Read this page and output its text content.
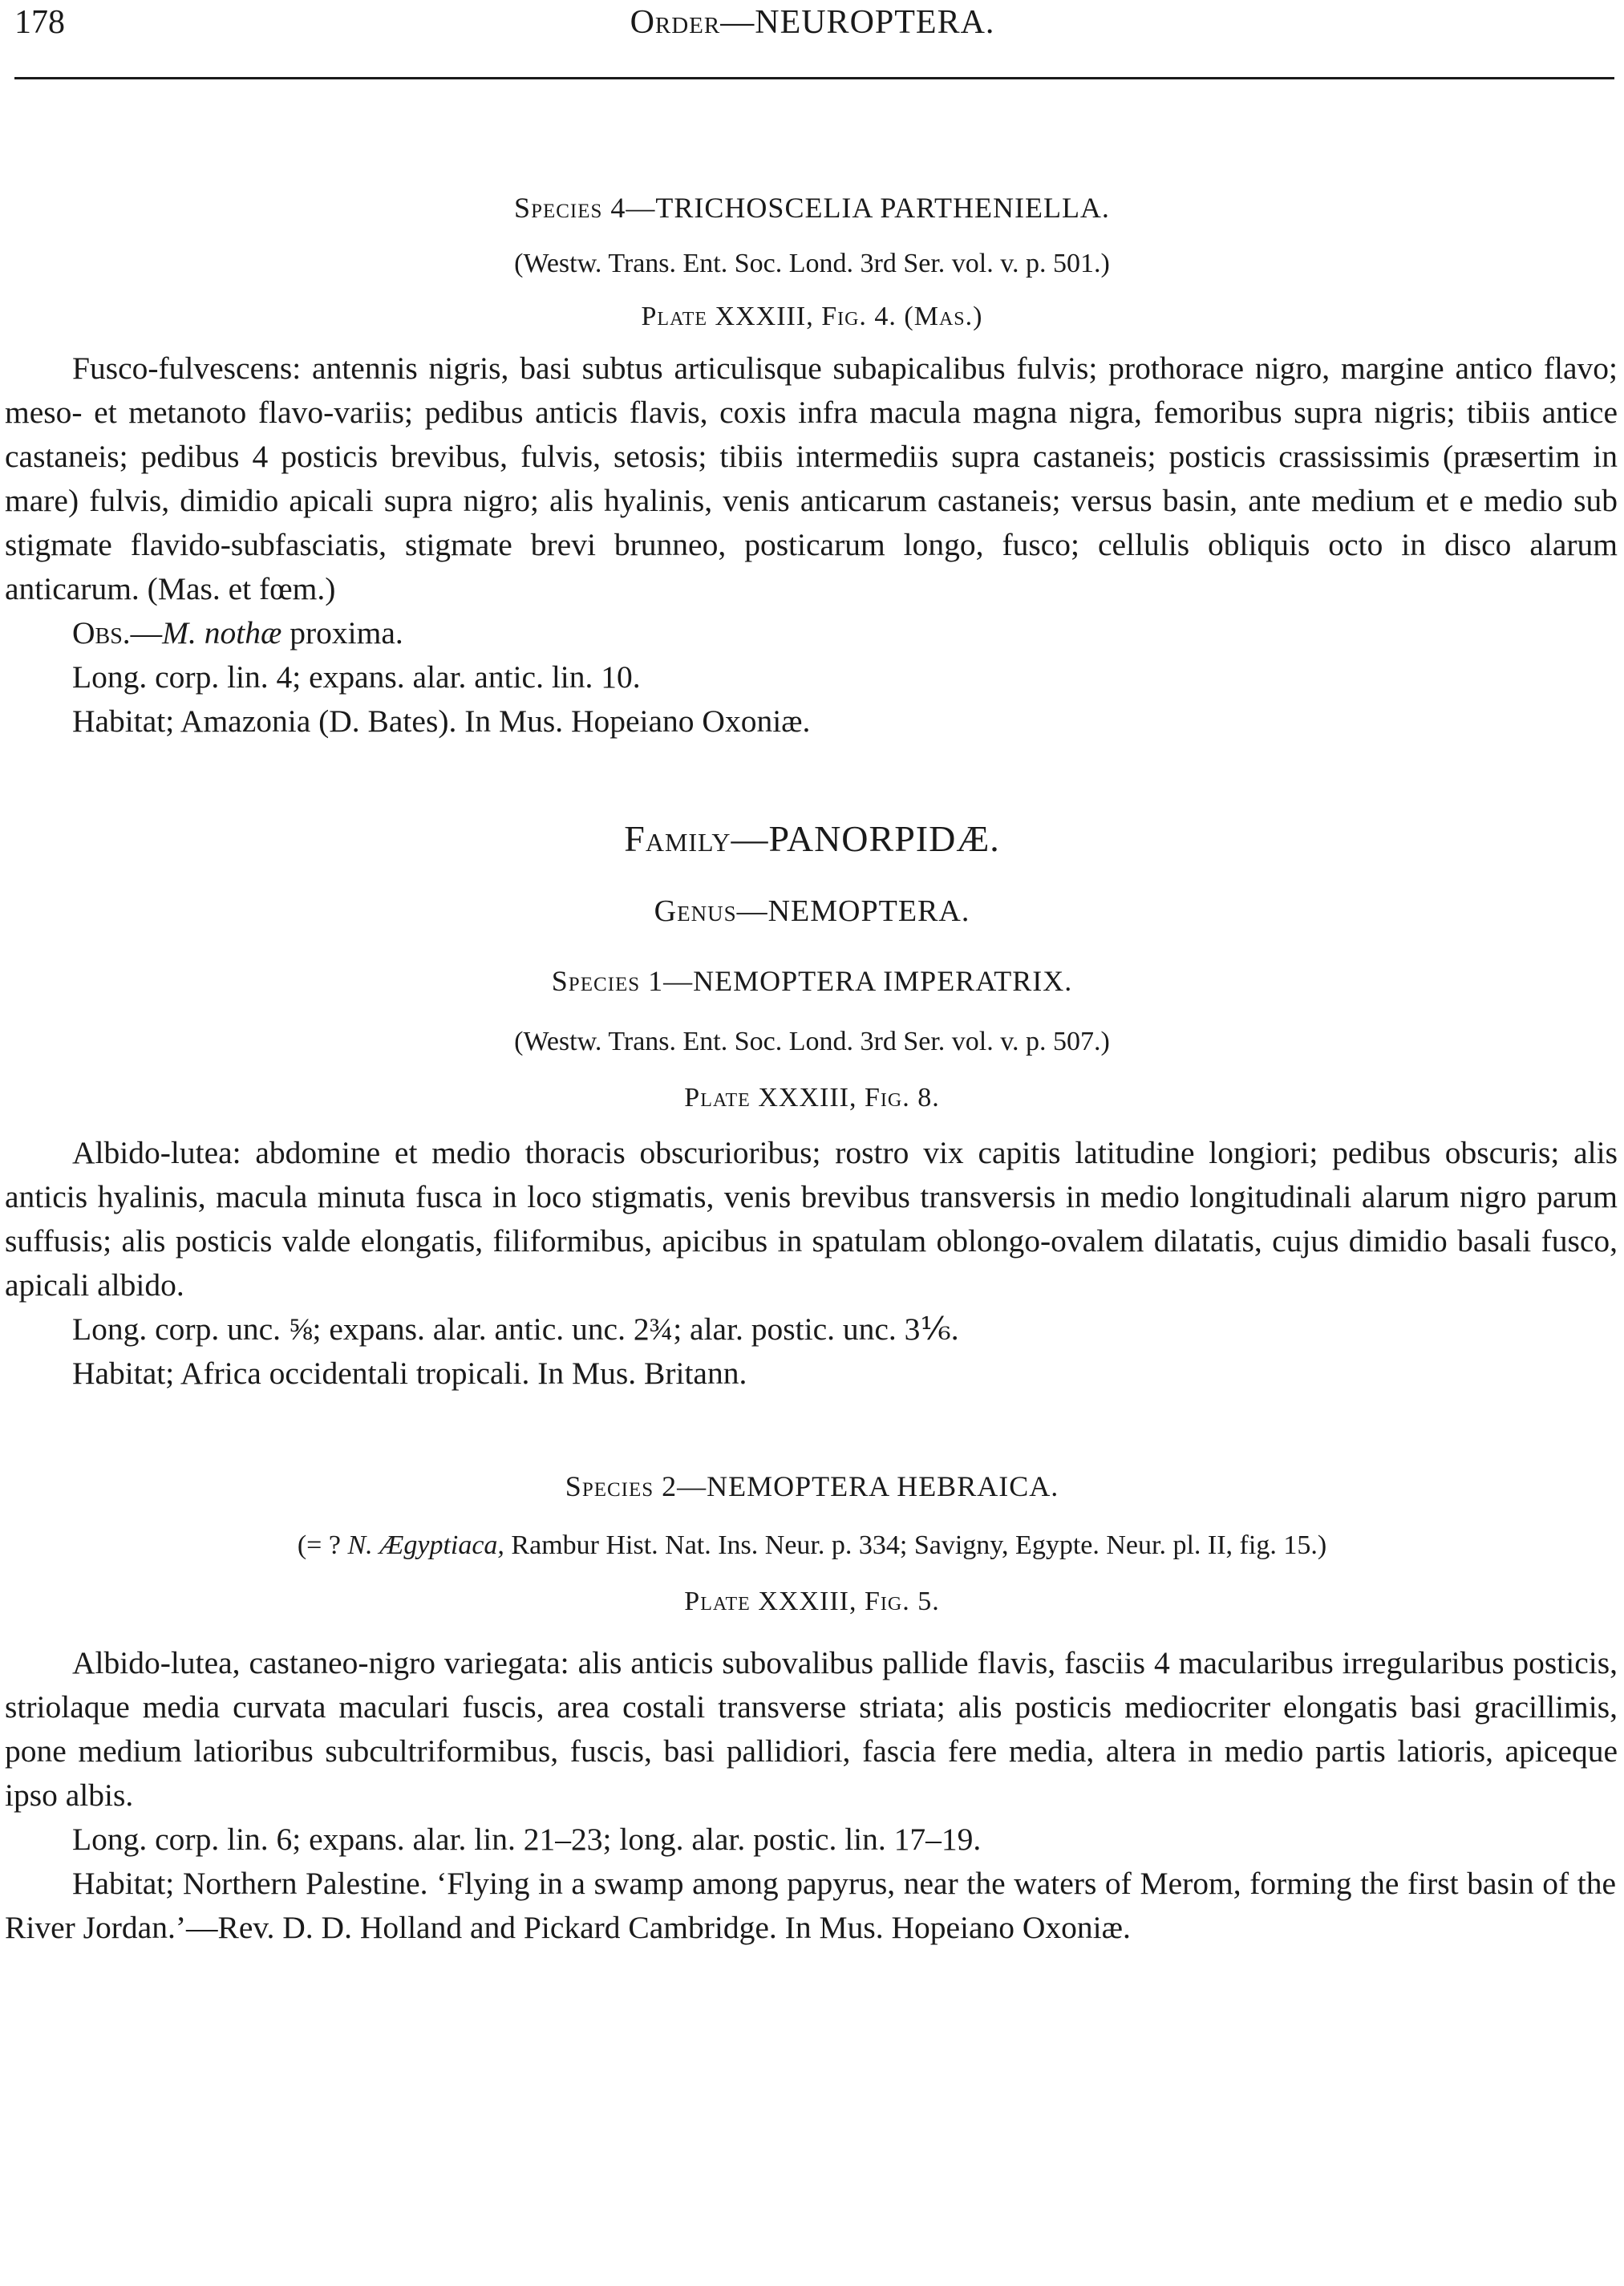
178	Order—NEUROPTERA.

Species 4—TRICHOSCELIA PARTHENIELLA.

(Westw. Trans. Ent. Soc. Lond. 3rd Ser. vol. v. p. 501.)

Plate XXXIII, Fig. 4. (Mas.)

Fusco-fulvescens: antennis nigris, basi subtus articulisque subapicalibus fulvis; prothorace nigro, margine antico flavo; meso- et metanoto flavo-variis; pedibus anticis flavis, coxis infra macula magna nigra, femoribus supra nigris; tibiis antice castaneis; pedibus 4 posticis brevibus, fulvis, setosis; tibiis intermediis supra castaneis; posticis crassissimis (præsertim in mare) fulvis, dimidio apicali supra nigro; alis hyalinis, venis anticarum castaneis; versus basin, ante medium et e medio sub stigmate flavido-subfasciatis, stigmate brevi brunneo, posticarum longo, fusco; cellulis obliquis octo in disco alarum anticarum. (Mas. et fœm.)

Obs.—M. nothæ proxima.

Long. corp. lin. 4; expans. alar. antic. lin. 10.

Habitat; Amazonia (D. Bates). In Mus. Hopeiano Oxoniæ.

Family—PANORPIDÆ.

Genus—NEMOPTERA.

Species 1—NEMOPTERA IMPERATRIX.

(Westw. Trans. Ent. Soc. Lond. 3rd Ser. vol. v. p. 507.)

Plate XXXIII, Fig. 8.

Albido-lutea: abdomine et medio thoracis obscurioribus; rostro vix capitis latitudine longiori; pedibus obscuris; alis anticis hyalinis, macula minuta fusca in loco stigmatis, venis brevibus transversis in medio longitudinali alarum nigro parum suffusis; alis posticis valde elongatis, filiformibus, apicibus in spatulam oblongo-ovalem dilatatis, cujus dimidio basali fusco, apicali albido.

Long. corp. unc. ⅝; expans. alar. antic. unc. 2¾; alar. postic. unc. 3⅙.

Habitat; Africa occidentali tropicali. In Mus. Britann.

Species 2—NEMOPTERA HEBRAICA.

(= ? N. Ægyptiaca, Rambur Hist. Nat. Ins. Neur. p. 334; Savigny, Egypte. Neur. pl. II, fig. 15.)

Plate XXXIII, Fig. 5.

Albido-lutea, castaneo-nigro variegata: alis anticis subovalibus pallide flavis, fasciis 4 macularibus irregularibus posticis, striolaque media curvata maculari fuscis, area costali transverse striata; alis posticis mediocriter elongatis basi gracillimis, pone medium latioribus subcultriformibus, fuscis, basi pallidiori, fascia fere media, altera in medio partis latioris, apiceque ipso albis.

Long. corp. lin. 6; expans. alar. lin. 21–23; long. alar. postic. lin. 17–19.

Habitat; Northern Palestine. ‘Flying in a swamp among papyrus, near the waters of Merom, forming the first basin of the River Jordan.’—Rev. D. D. Holland and Pickard Cambridge. In Mus. Hopeiano Oxoniæ.
